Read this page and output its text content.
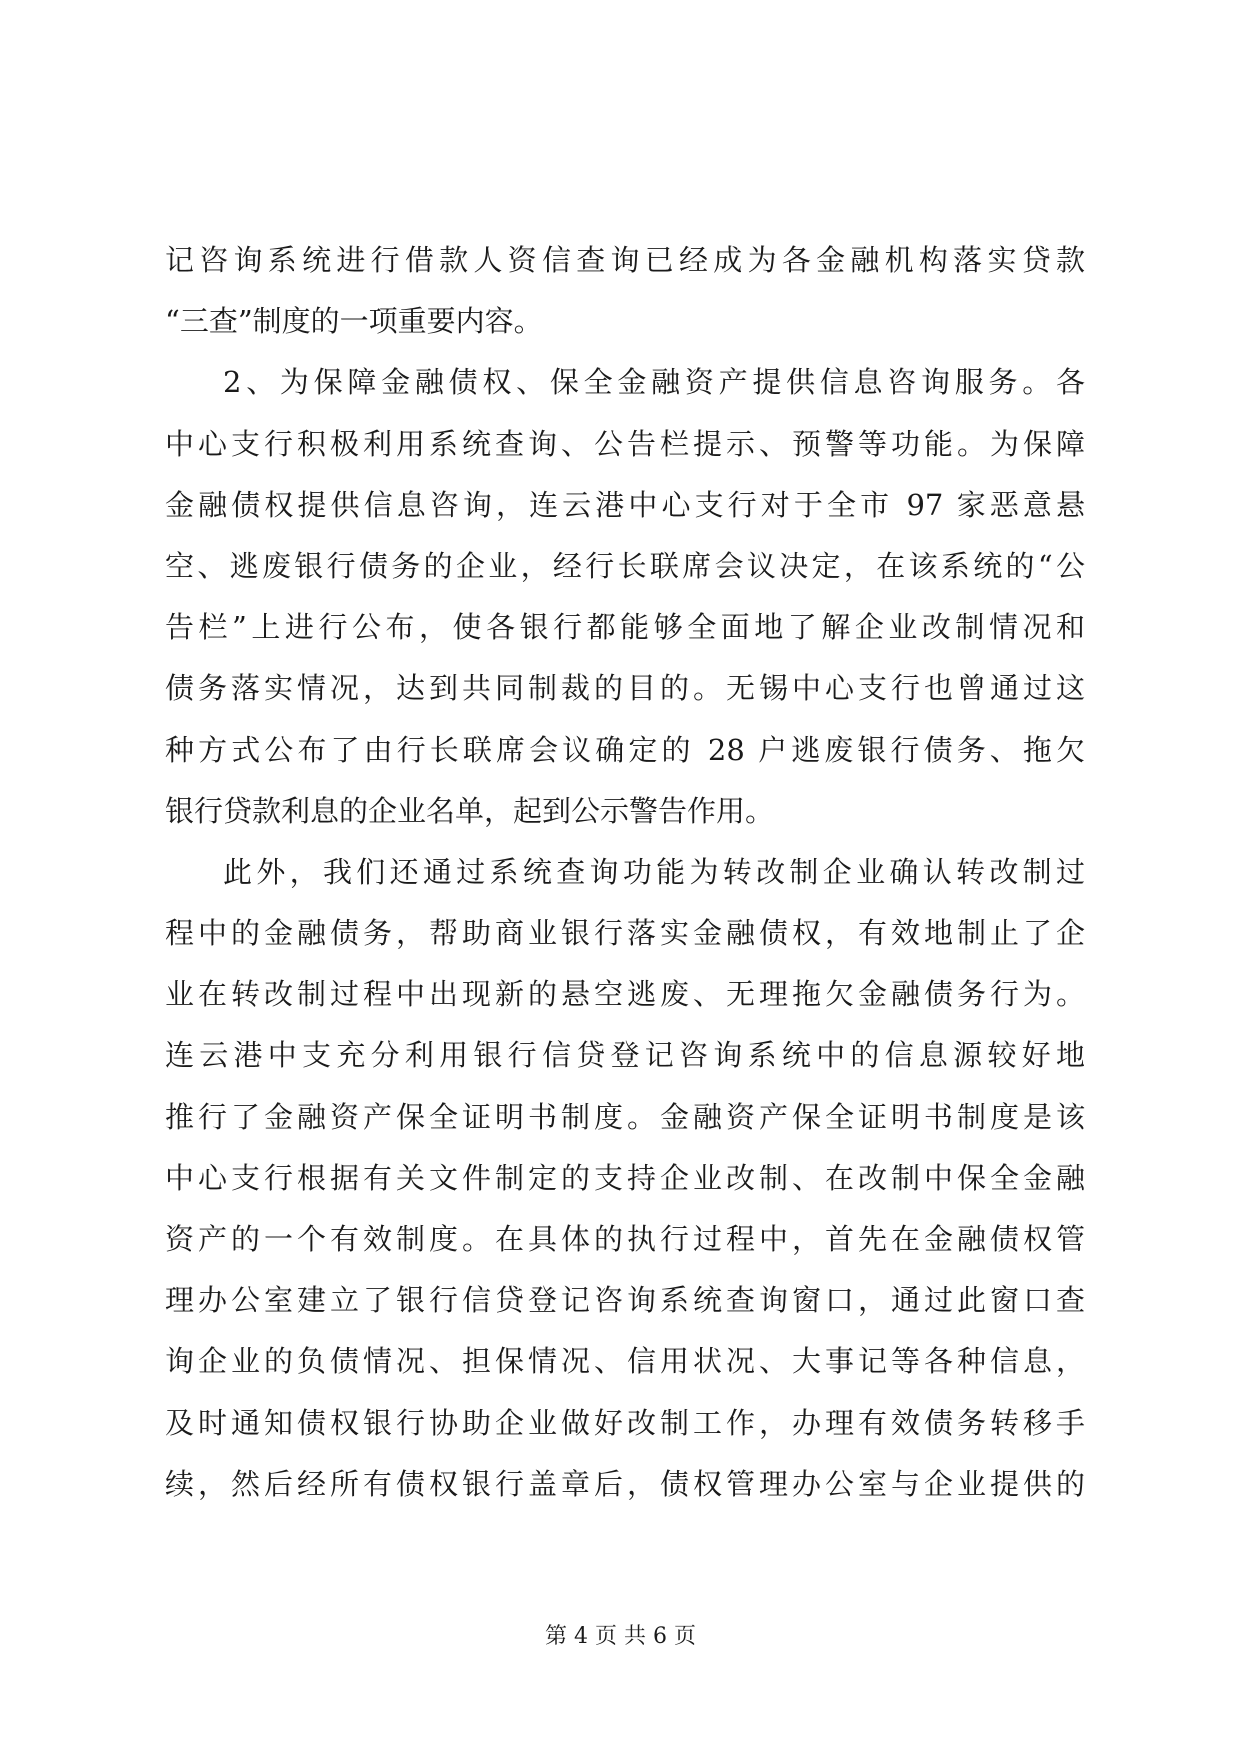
记咨询系统进行借款人资信查询已经成为各金融机构落实贷款
“三查”制度的一项重要内容。
2、为保障金融债权、保全金融资产提供信息咨询服务。各
中心支行积极利用系统查询、公告栏提示、预警等功能。为保障
金融债权提供信息咨询，连云港中心支行对于全市 97 家恶意悬
空、逃废银行债务的企业，经行长联席会议决定，在该系统的“公
告栏”上进行公布，使各银行都能够全面地了解企业改制情况和
债务落实情况，达到共同制裁的目的。无锡中心支行也曾通过这
种方式公布了由行长联席会议确定的 28 户逃废银行债务、拖欠
银行贷款利息的企业名单，起到公示警告作用。
此外，我们还通过系统查询功能为转改制企业确认转改制过
程中的金融债务，帮助商业银行落实金融债权，有效地制止了企
业在转改制过程中出现新的悬空逃废、无理拖欠金融债务行为。
连云港中支充分利用银行信贷登记咨询系统中的信息源较好地
推行了金融资产保全证明书制度。金融资产保全证明书制度是该
中心支行根据有关文件制定的支持企业改制、在改制中保全金融
资产的一个有效制度。在具体的执行过程中，首先在金融债权管
理办公室建立了银行信贷登记咨询系统查询窗口，通过此窗口查
询企业的负债情况、担保情况、信用状况、大事记等各种信息，
及时通知债权银行协助企业做好改制工作，办理有效债务转移手
续，然后经所有债权银行盖章后，债权管理办公室与企业提供的
第 4 页 共 6 页
